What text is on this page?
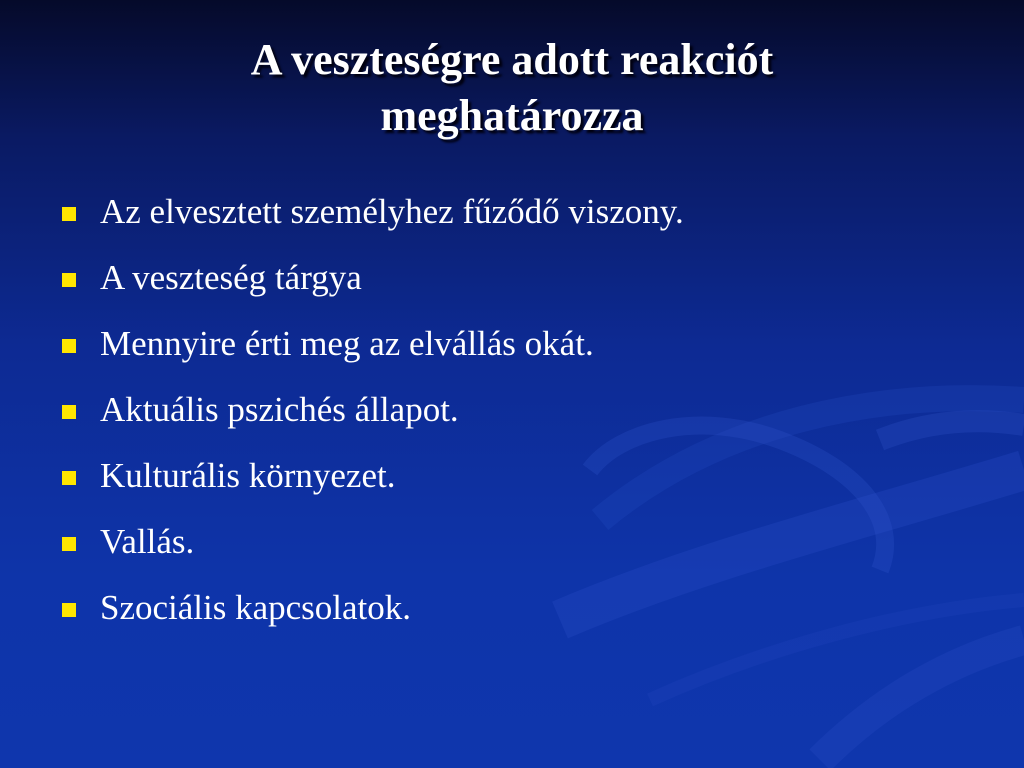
A veszteségre adott reakciót
meghatározza
Az elvesztett személyhez fűződő viszony.
A veszteség tárgya
Mennyire érti meg az elvállás okát.
Aktuális pszichés állapot.
Kulturális környezet.
Vallás.
Szociális kapcsolatok.
